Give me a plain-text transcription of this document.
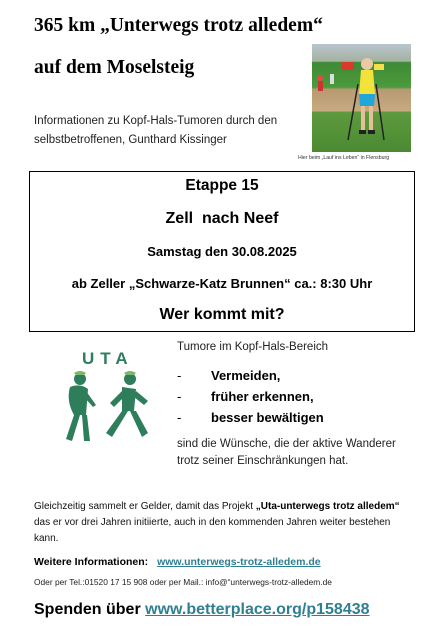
365 km „Unterwegs trotz alledem“
auf dem Moselsteig
Informationen zu Kopf-Hals-Tumoren durch den selbstbetroffenen, Gunthard Kissinger
Hier beim „Lauf ins Leben“ in Flensburg
Etappe 15
Zell  nach Neef
Samstag den 30.08.2025
ab Zeller „Schwarze-Katz Brunnen“ ca.: 8:30 Uhr
Wer kommt mit?
UTA
Tumore im Kopf-Hals-Bereich
- Vermeiden,
- früher erkennen,
- besser bewältigen
sind die Wünsche, die der aktive Wanderer trotz seiner Einschränkungen hat.
Gleichzeitig sammelt er Gelder, damit das Projekt „Uta-unterwegs trotz alledem“ das er vor drei Jahren initiierte, auch in den kommenden Jahren weiter bestehen kann.
Weitere Informationen: www.unterwegs-trotz-alledem.de
Oder per Tel.:01520 17 15 908 oder per Mail.: info@“unterwegs-trotz-alledem.de
Spenden über www.betterplace.org/p158438
